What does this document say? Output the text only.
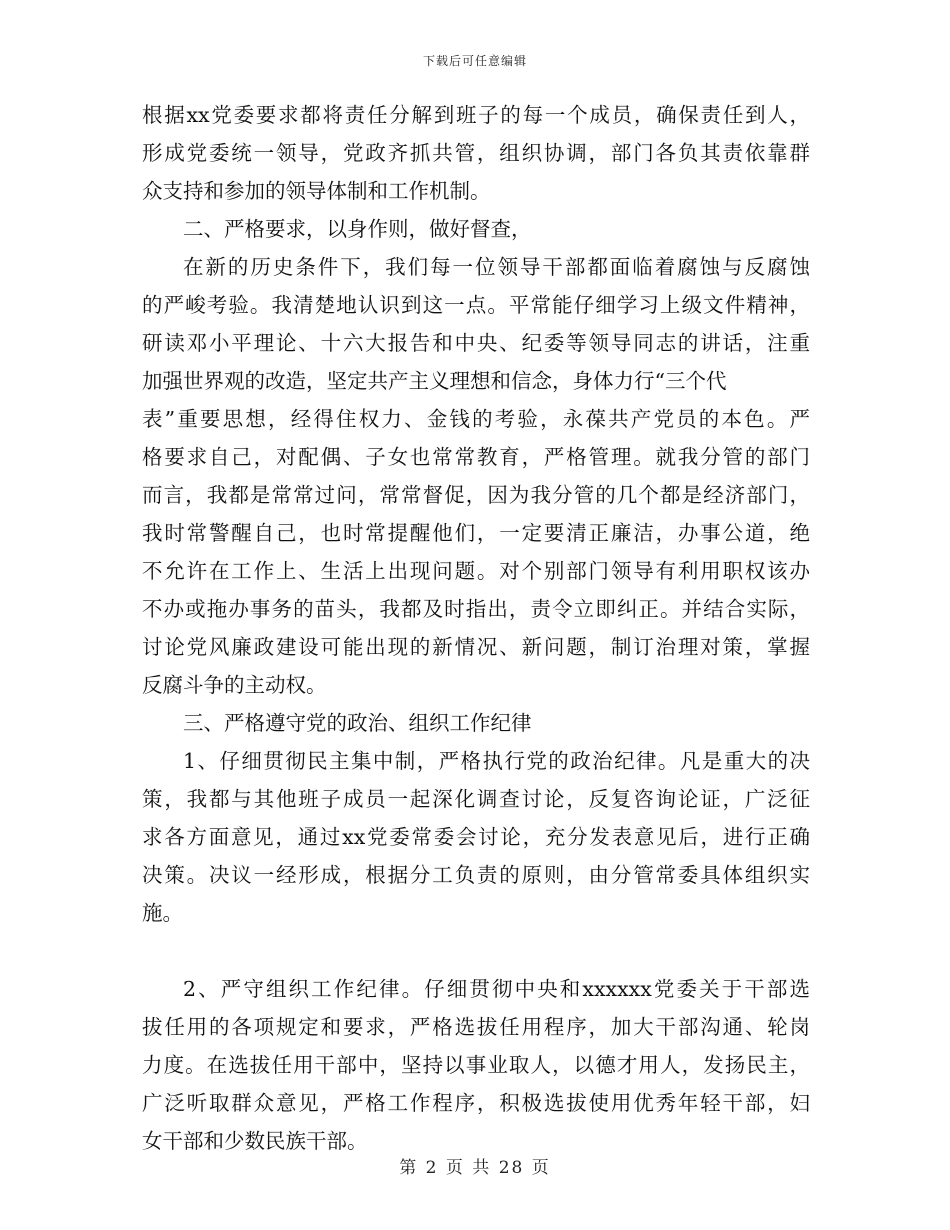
下载后可任意编辑
根据xx党委要求都将责任分解到班子的每一个成员，确保责任到人，
形成党委统一领导，党政齐抓共管，组织协调，部门各负其责依靠群
众支持和参加的领导体制和工作机制。
二、严格要求，以身作则，做好督查，
在新的历史条件下，我们每一位领导干部都面临着腐蚀与反腐蚀
的严峻考验。我清楚地认识到这一点。平常能仔细学习上级文件精神，
研读邓小平理论、十六大报告和中央、纪委等领导同志的讲话，注重
加强世界观的改造，坚定共产主义理想和信念，身体力行“三个代
表”重要思想，经得住权力、金钱的考验，永葆共产党员的本色。严
格要求自己，对配偶、子女也常常教育，严格管理。就我分管的部门
而言，我都是常常过问，常常督促，因为我分管的几个都是经济部门，
我时常警醒自己，也时常提醒他们，一定要清正廉洁，办事公道，绝
不允许在工作上、生活上出现问题。对个别部门领导有利用职权该办
不办或拖办事务的苗头，我都及时指出，责令立即纠正。并结合实际，
讨论党风廉政建设可能出现的新情况、新问题，制订治理对策，掌握
反腐斗争的主动权。
三、严格遵守党的政治、组织工作纪律
1、仔细贯彻民主集中制，严格执行党的政治纪律。凡是重大的决
策，我都与其他班子成员一起深化调查讨论，反复咨询论证，广泛征
求各方面意见，通过xx党委常委会讨论，充分发表意见后，进行正确
决策。决议一经形成，根据分工负责的原则，由分管常委具体组织实
施。
2、严守组织工作纪律。仔细贯彻中央和xxxxxx党委关于干部选
拔任用的各项规定和要求，严格选拔任用程序，加大干部沟通、轮岗
力度。在选拔任用干部中，坚持以事业取人，以德才用人，发扬民主，
广泛听取群众意见，严格工作程序，积极选拔使用优秀年轻干部，妇
女干部和少数民族干部。
第 2 页 共 28 页
